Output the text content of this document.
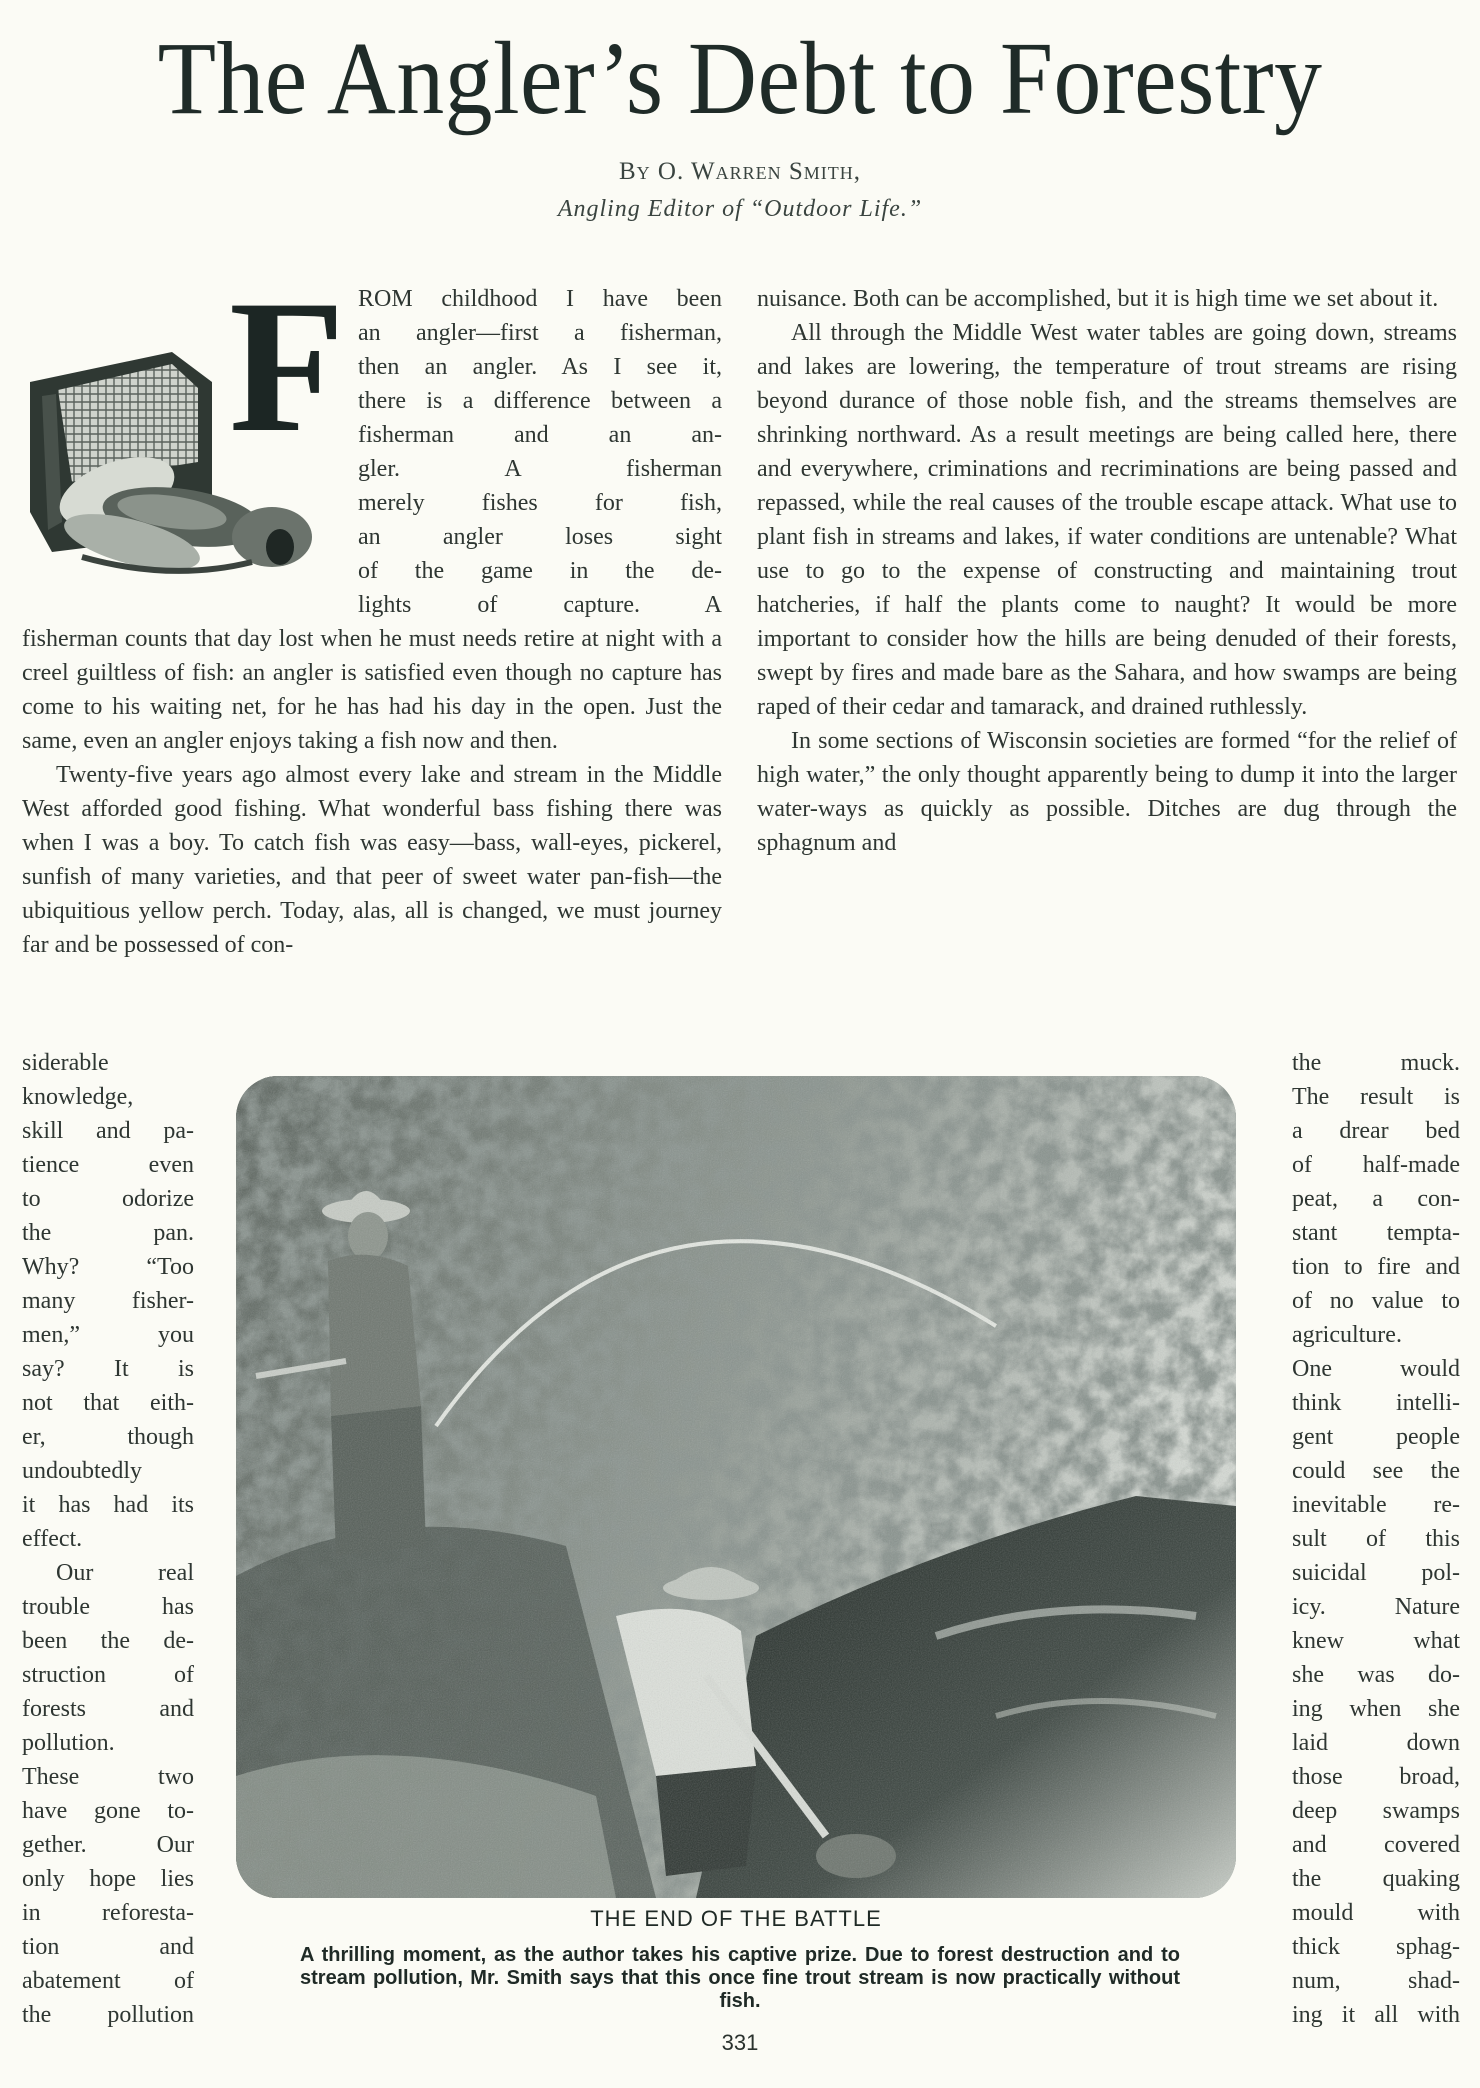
The Angler’s Debt to Forestry
By O. Warren Smith,
Angling Editor of “Outdoor Life.”
F ROM childhood I have been
an angler—first a fisherman,
then an angler. As I see it,
there is a difference between a
fisherman and an an-
gler. A fisherman
merely fishes for fish,
an angler loses sight
of the game in the de-
lights of capture. A

fisherman counts that day lost when he must needs retire at night with a creel guiltless of fish: an angler is satisfied even though no capture has come to his waiting net, for he has had his day in the open. Just the same, even an angler enjoys taking a fish now and then.

Twenty-five years ago almost every lake and stream in the Middle West afforded good fishing. What wonderful bass fishing there was when I was a boy. To catch fish was easy—bass, wall-eyes, pickerel, sunfish of many varieties, and that peer of sweet water pan-fish—the ubiquitious yellow perch. Today, alas, all is changed, we must journey far and be possessed of con-

nuisance. Both can be accomplished, but it is high time we set about it.

All through the Middle West water tables are going down, streams and lakes are lowering, the temperature of trout streams are rising beyond durance of those noble fish, and the streams themselves are shrinking northward. As a result meetings are being called here, there and everywhere, criminations and recriminations are being passed and repassed, while the real causes of the trouble escape attack. What use to plant fish in streams and lakes, if water conditions are untenable? What use to go to the expense of constructing and maintaining trout hatcheries, if half the plants come to naught? It would be more important to consider how the hills are being denuded of their forests, swept by fires and made bare as the Sahara, and how swamps are being raped of their cedar and tamarack, and drained ruthlessly.

In some sections of Wisconsin societies are formed “for the relief of high water,” the only thought apparently being to dump it into the larger water-ways as quickly as possible. Ditches are dug through the sphagnum and

siderable
knowledge,
skill and pa-
tience even
to odorize
the pan.
Why? “Too
many fisher-
men,” you
say? It is
not that eith-
er, though
undoubtedly
it has had its
effect.
Our real
trouble has
been the de-
struction of
forests and
pollution.
These two
have gone to-
gether. Our
only hope lies
in reforesta-
tion and
abatement of
the pollution
the muck.
The result is
a drear bed
of half-made
peat, a con-
stant tempta-
tion to fire and
of no value to
agriculture.
One would
think intelli-
gent people
could see the
inevitable re-
sult of this
suicidal pol-
icy. Nature
knew what
she was do-
ing when she
laid down
those broad,
deep swamps
and covered
the quaking
mould with
thick sphag-
num, shad-
ing it all with
THE END OF THE BATTLE
A thrilling moment, as the author takes his captive prize. Due to forest destruction and to stream pollution, Mr. Smith says that this once fine trout stream is now practically without fish.
331
